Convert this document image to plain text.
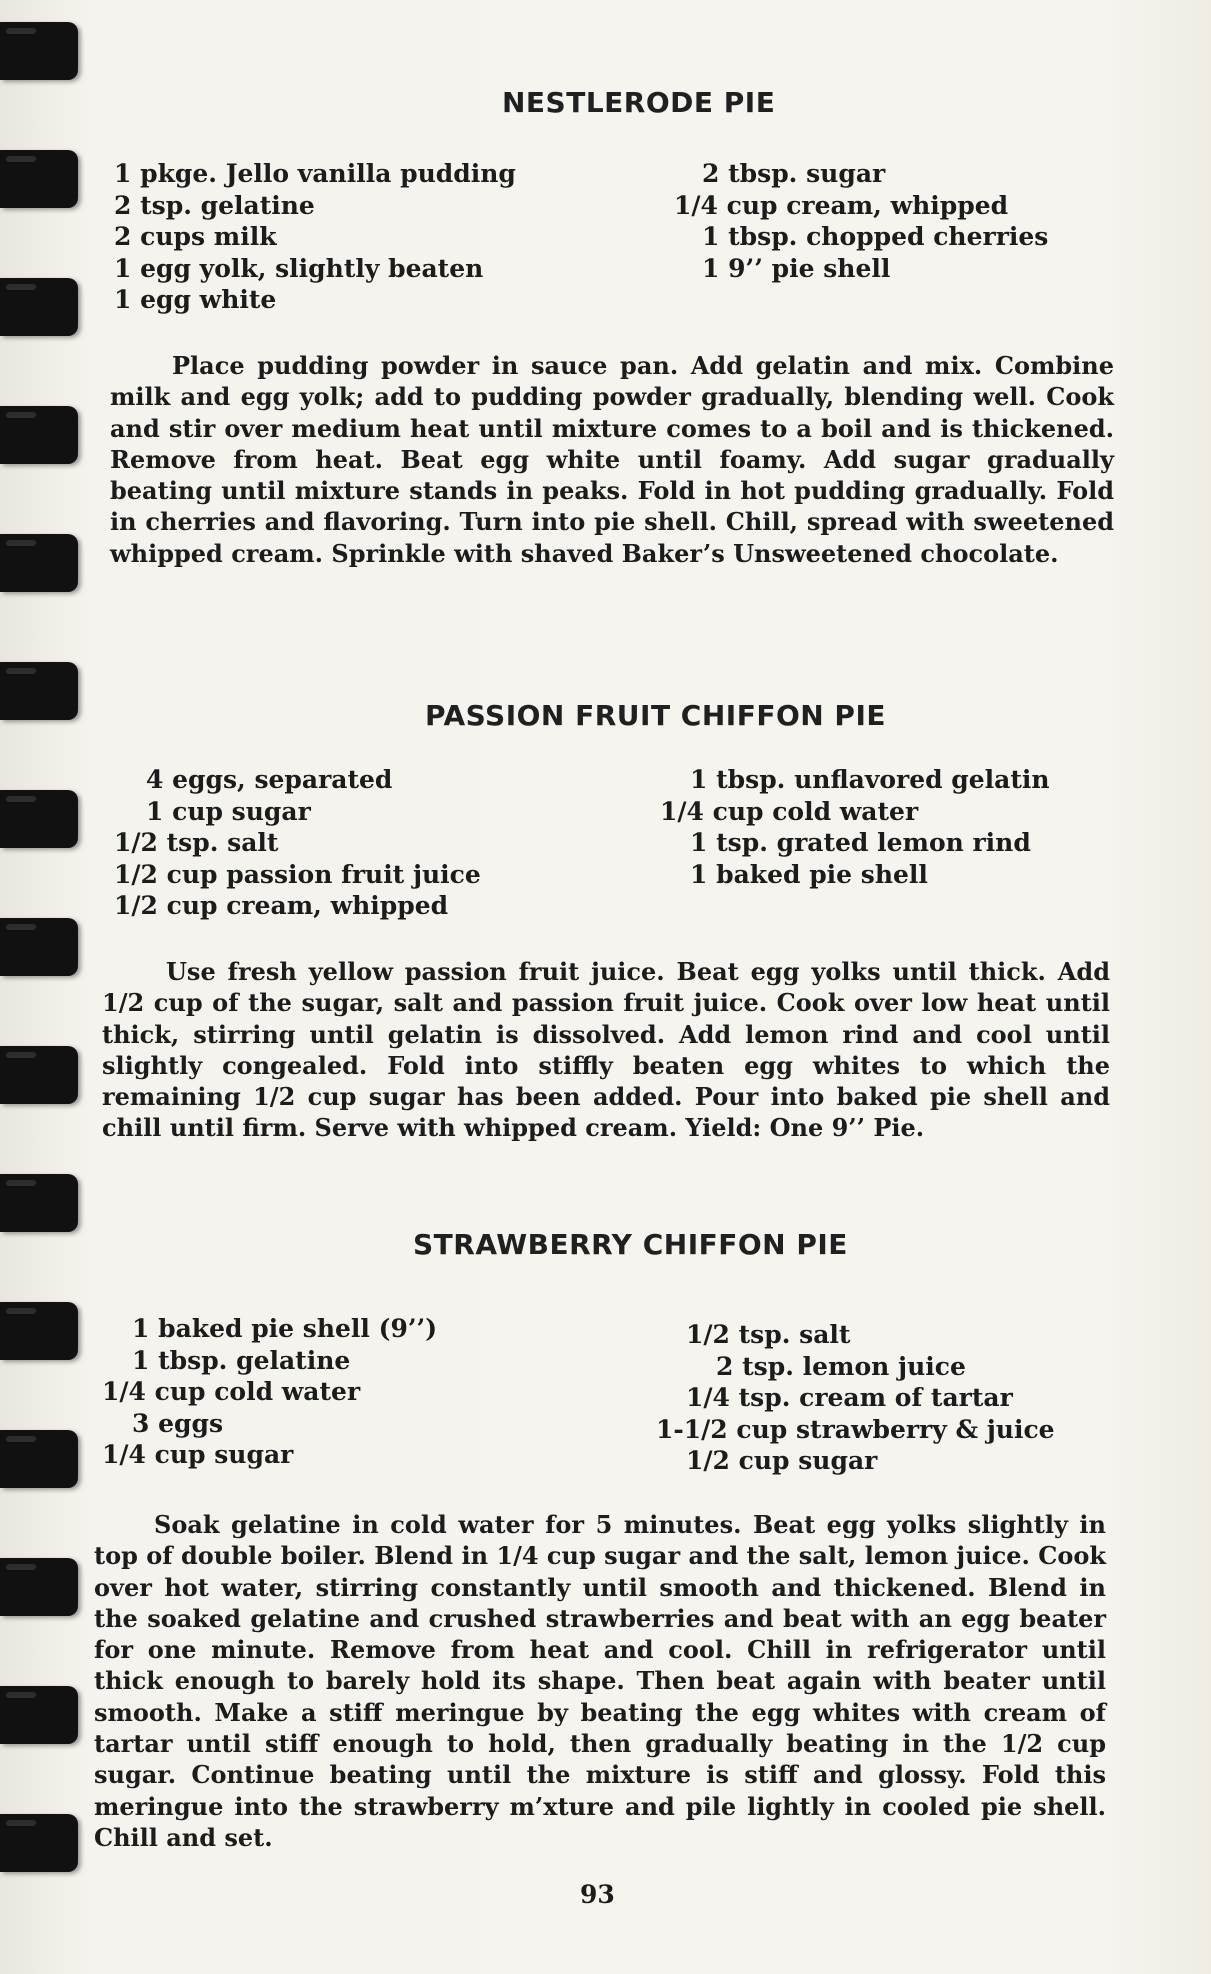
NESTLERODE PIE
1 pkge. Jello vanilla pudding
2 tsp. gelatine
2 cups milk
1 egg yolk, slightly beaten
1 egg white
2 tbsp. sugar
1/4 cup cream, whipped
1 tbsp. chopped cherries
1 9’’ pie shell
Place pudding powder in sauce pan. Add gelatin and mix. Combine milk and egg yolk; add to pudding powder gradually, blending well. Cook and stir over medium heat until mixture comes to a boil and is thickened. Remove from heat. Beat egg white until foamy. Add sugar gradually beating until mixture stands in peaks. Fold in hot pudding gradually. Fold in cherries and flavoring. Turn into pie shell. Chill, spread with sweetened whipped cream. Sprinkle with shaved Baker’s Unsweetened chocolate.
PASSION FRUIT CHIFFON PIE
4 eggs, separated
1 cup sugar
1/2 tsp. salt
1/2 cup passion fruit juice
1/2 cup cream, whipped
1 tbsp. unflavored gelatin
1/4 cup cold water
1 tsp. grated lemon rind
1 baked pie shell
Use fresh yellow passion fruit juice. Beat egg yolks until thick. Add 1/2 cup of the sugar, salt and passion fruit juice. Cook over low heat until thick, stirring until gelatin is dissolved. Add lemon rind and cool until slightly congealed. Fold into stiffly beaten egg whites to which the remaining 1/2 cup sugar has been added. Pour into baked pie shell and chill until firm. Serve with whipped cream. Yield: One 9’’ Pie.
STRAWBERRY CHIFFON PIE
1 baked pie shell (9’’)
1 tbsp. gelatine
1/4 cup cold water
3 eggs
1/4 cup sugar
1/2 tsp. salt
2 tsp. lemon juice
1/4 tsp. cream of tartar
1-1/2 cup strawberry & juice
1/2 cup sugar
Soak gelatine in cold water for 5 minutes. Beat egg yolks slightly in top of double boiler. Blend in 1/4 cup sugar and the salt, lemon juice. Cook over hot water, stirring constantly until smooth and thickened. Blend in the soaked gelatine and crushed strawberries and beat with an egg beater for one minute. Remove from heat and cool. Chill in refrigerator until thick enough to barely hold its shape. Then beat again with beater until smooth. Make a stiff meringue by beating the egg whites with cream of tartar until stiff enough to hold, then gradually beating in the 1/2 cup sugar. Continue beating until the mixture is stiff and glossy. Fold this meringue into the strawberry m’xture and pile lightly in cooled pie shell. Chill and set.
93
